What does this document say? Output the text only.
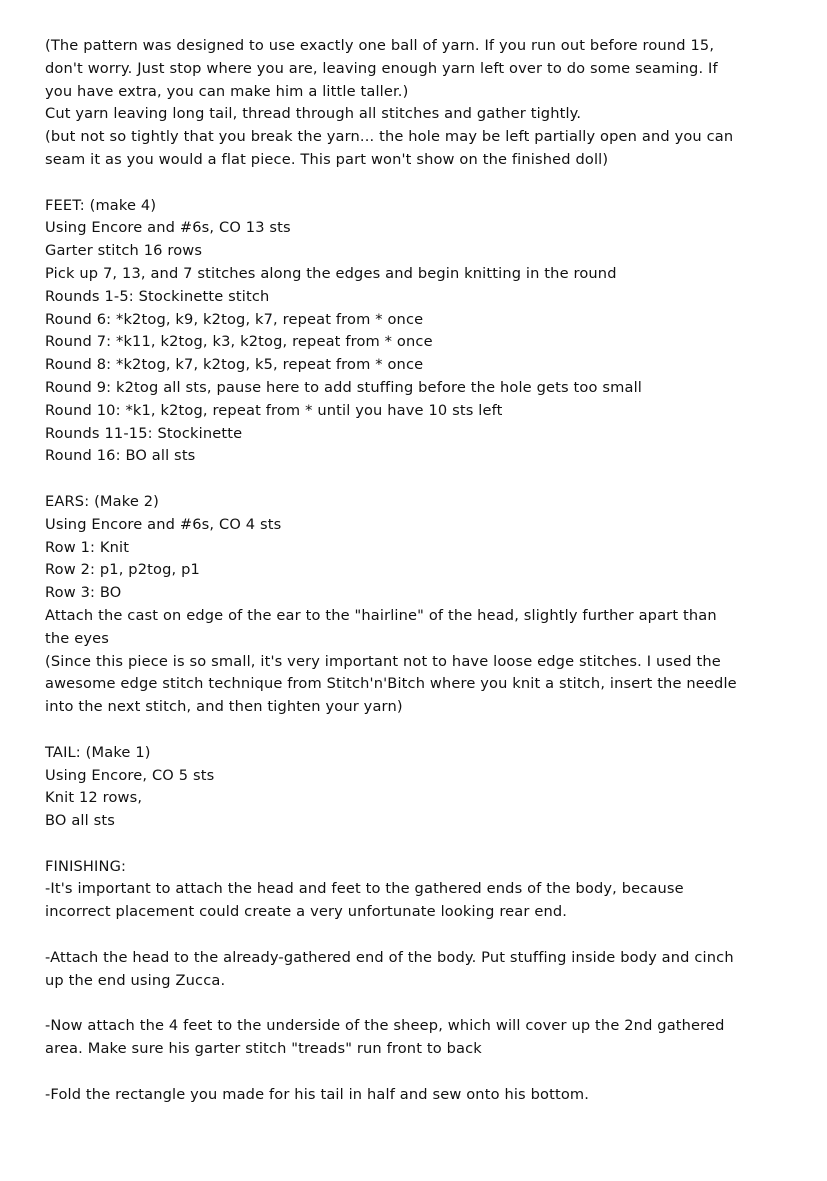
(The pattern was designed to use exactly one ball of yarn. If you run out before round 15,
don't worry. Just stop where you are, leaving enough yarn left over to do some seaming. If
you have extra, you can make him a little taller.)
Cut yarn leaving long tail, thread through all stitches and gather tightly.
(but not so tightly that you break the yarn... the hole may be left partially open and you can
seam it as you would a flat piece. This part won't show on the finished doll)
FEET: (make 4)
Using Encore and #6s, CO 13 sts
Garter stitch 16 rows
Pick up 7, 13, and 7 stitches along the edges and begin knitting in the round
Rounds 1-5: Stockinette stitch
Round 6: *k2tog, k9, k2tog, k7, repeat from * once
Round 7: *k11, k2tog, k3, k2tog, repeat from * once
Round 8: *k2tog, k7, k2tog, k5, repeat from * once
Round 9: k2tog all sts, pause here to add stuffing before the hole gets too small
Round 10: *k1, k2tog, repeat from * until you have 10 sts left
Rounds 11-15: Stockinette
Round 16: BO all sts
EARS: (Make 2)
Using Encore and #6s, CO 4 sts
Row 1: Knit
Row 2: p1, p2tog, p1
Row 3: BO
Attach the cast on edge of the ear to the "hairline" of the head, slightly further apart than
the eyes
(Since this piece is so small, it's very important not to have loose edge stitches. I used the
awesome edge stitch technique from Stitch'n'Bitch where you knit a stitch, insert the needle
into the next stitch, and then tighten your yarn)
TAIL: (Make 1)
Using Encore, CO 5 sts
Knit 12 rows,
BO all sts
FINISHING:
-It's important to attach the head and feet to the gathered ends of the body, because
incorrect placement could create a very unfortunate looking rear end.
-Attach the head to the already-gathered end of the body. Put stuffing inside body and cinch
up the end using Zucca.
-Now attach the 4 feet to the underside of the sheep, which will cover up the 2nd gathered
area. Make sure his garter stitch "treads" run front to back
-Fold the rectangle you made for his tail in half and sew onto his bottom.
